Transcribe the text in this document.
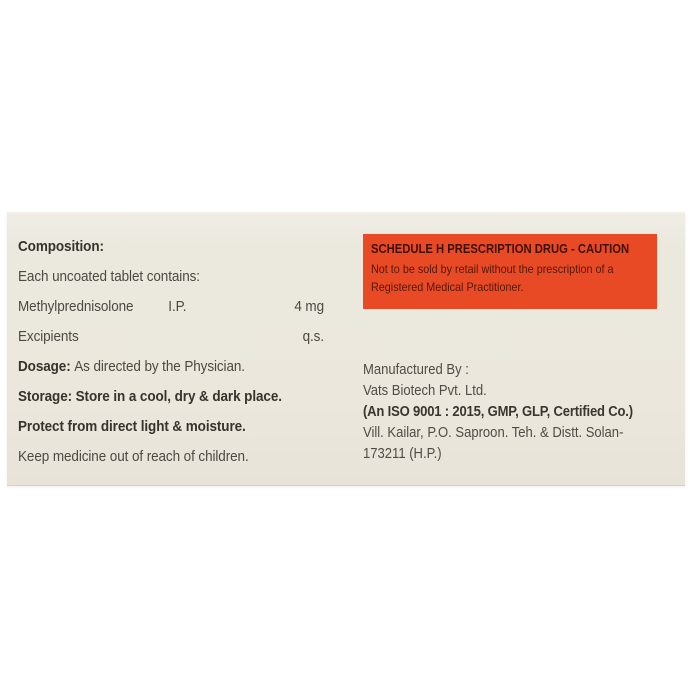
Composition:
Each uncoated tablet contains:
Methylprednisolone	I.P.	4 mg
Excipients	q.s.
Dosage: As directed by the Physician.
Storage: Store in a cool, dry & dark place.
Protect from direct light & moisture.
Keep medicine out of reach of children.
SCHEDULE H PRESCRIPTION DRUG - CAUTION
Not to be sold by retail without the prescription of a
Registered Medical Practitioner.
Manufactured By :
Vats Biotech Pvt. Ltd.
(An ISO 9001 : 2015, GMP, GLP, Certified Co.)
Vill. Kailar, P.O. Saproon. Teh. & Distt. Solan-
173211 (H.P.)
